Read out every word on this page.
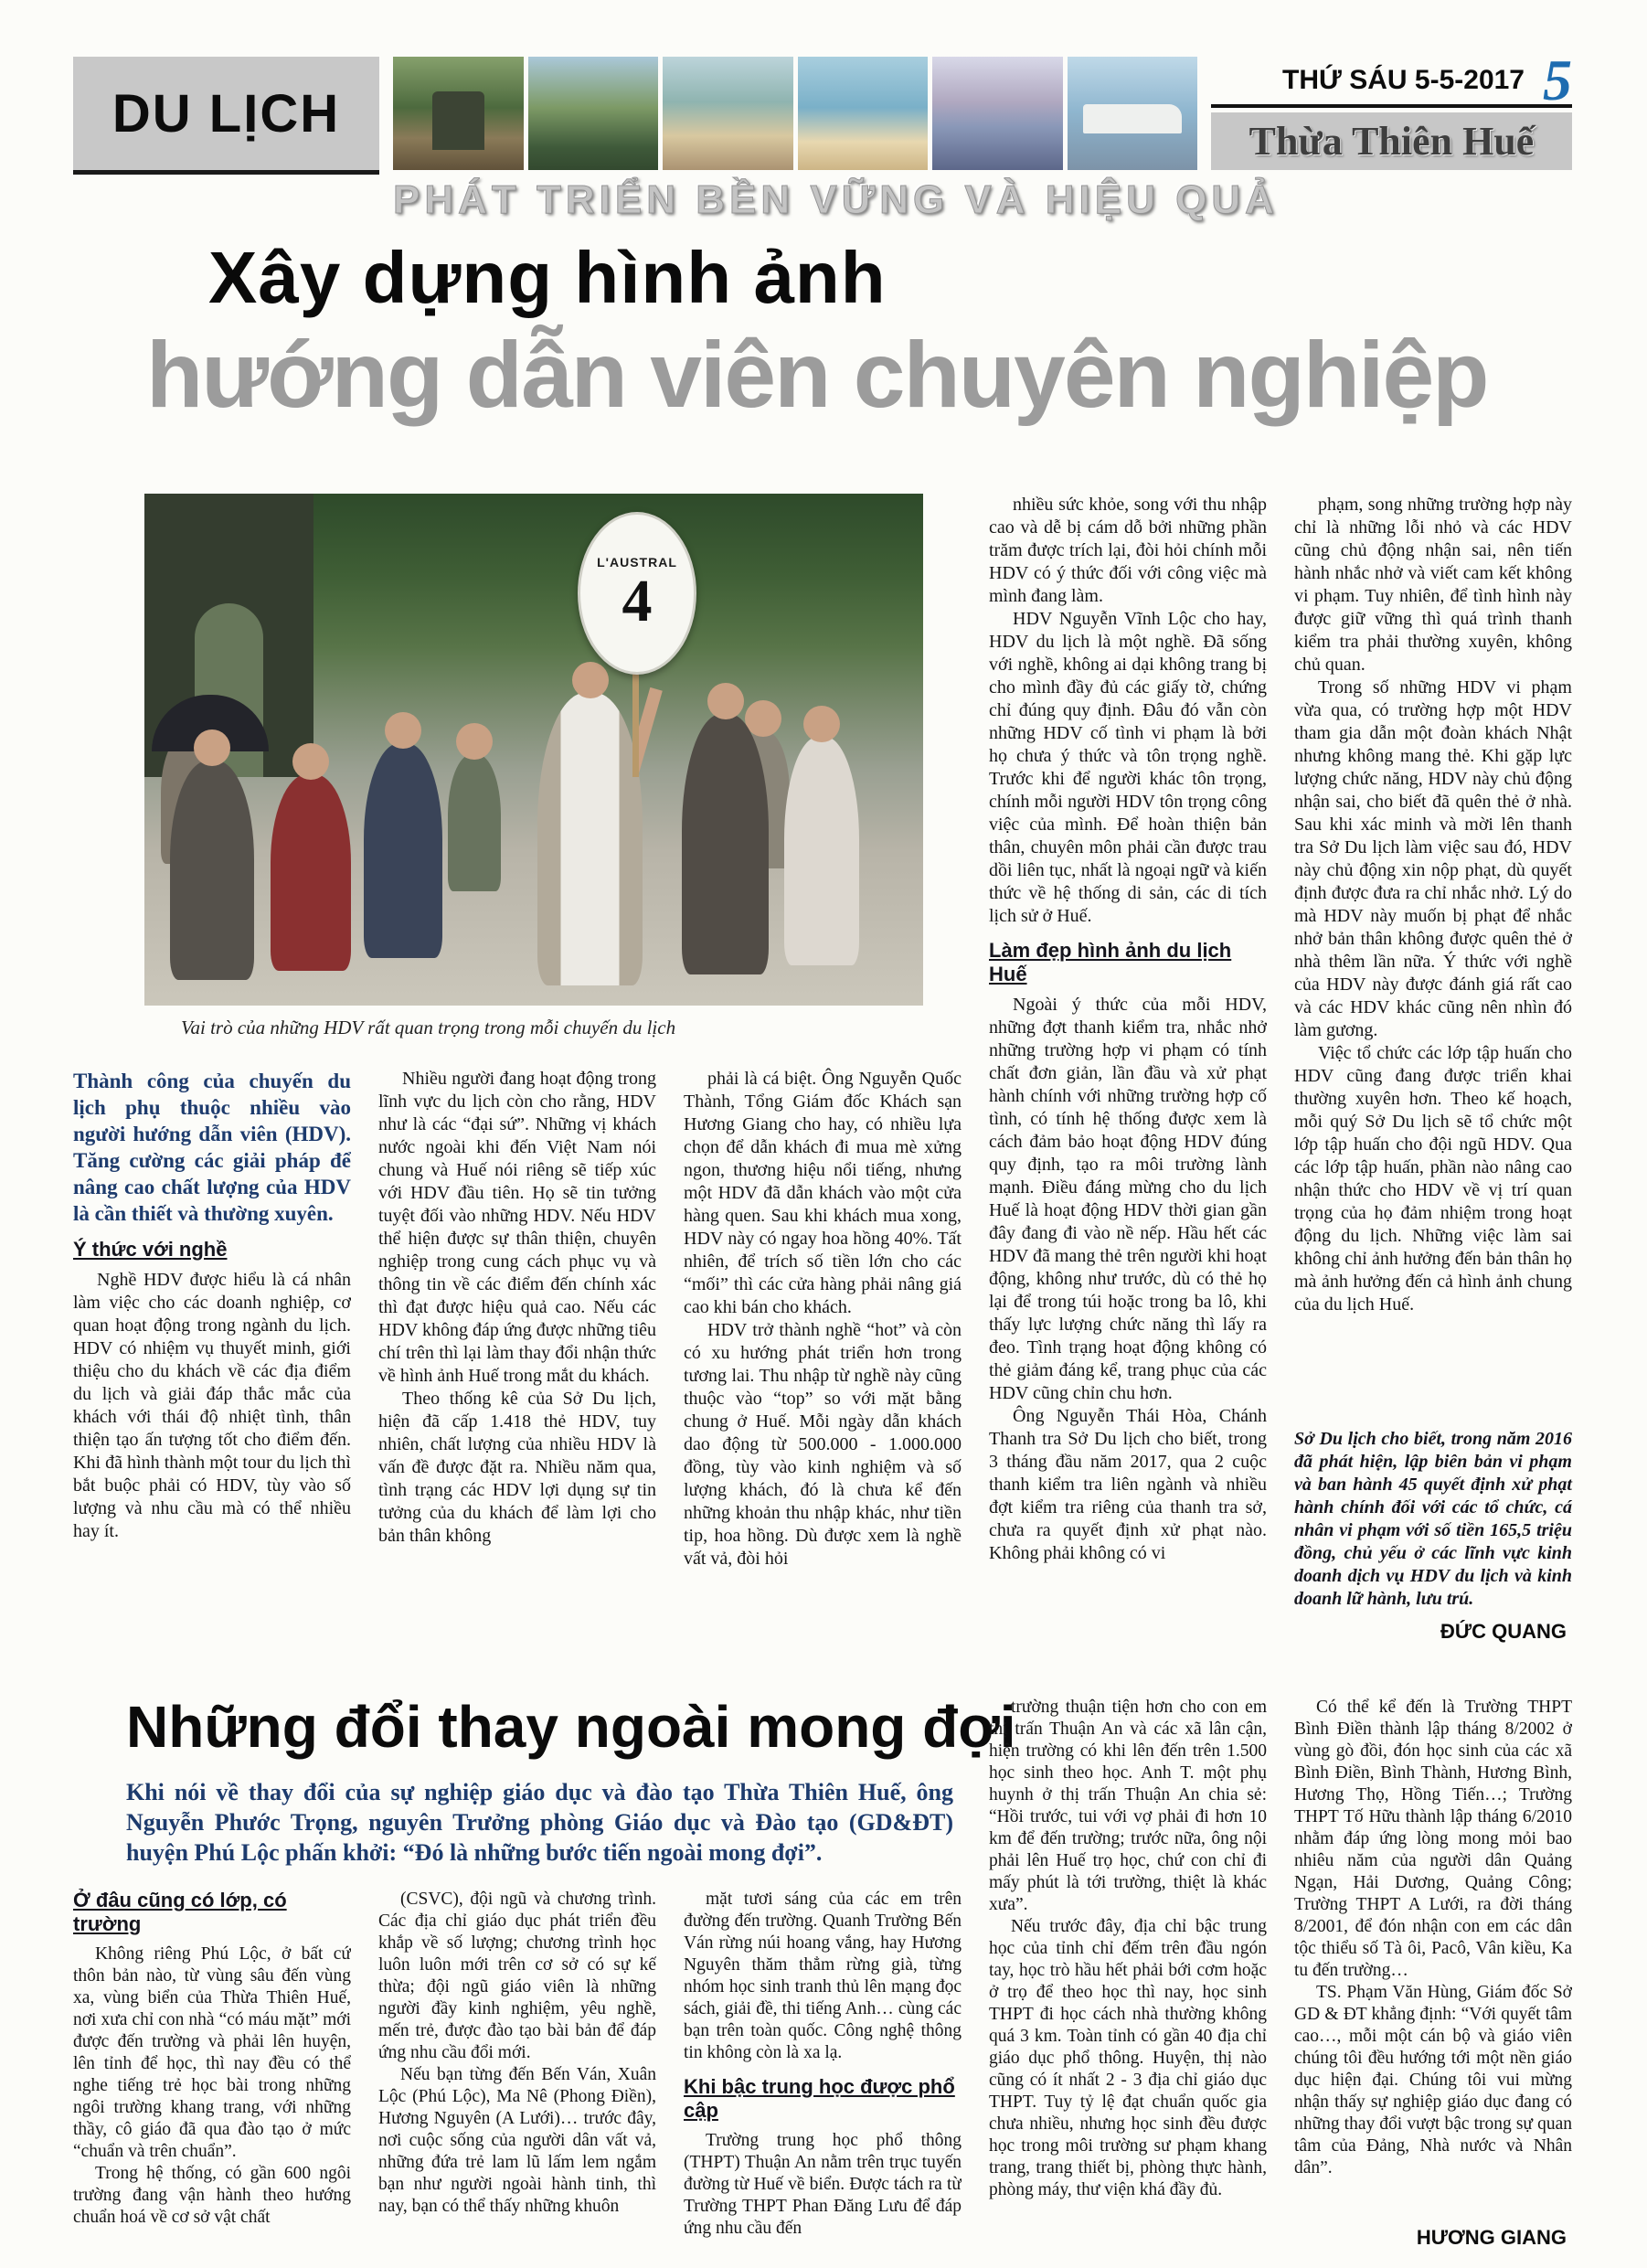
DU LỊCH
THỨ SÁU 5-5-2017 5
Thừa Thiên Huế
PHÁT TRIỂN BỀN VỮNG VÀ HIỆU QUẢ
Xây dựng hình ảnh
hướng dẫn viên chuyên nghiệp
L'AUSTRAL
4
Vai trò của những HDV rất quan trọng trong mỗi chuyến du lịch

Thành công của chuyến du lịch phụ thuộc nhiều vào người hướng dẫn viên (HDV). Tăng cường các giải pháp để nâng cao chất lượng của HDV là cần thiết và thường xuyên.

Ý thức với nghề

Nghề HDV được hiểu là cá nhân làm việc cho các doanh nghiệp, cơ quan hoạt động trong ngành du lịch. HDV có nhiệm vụ thuyết minh, giới thiệu cho du khách về các địa điểm du lịch và giải đáp thắc mắc của khách với thái độ nhiệt tình, thân thiện tạo ấn tượng tốt cho điểm đến. Khi đã hình thành một tour du lịch thì bắt buộc phải có HDV, tùy vào số lượng và nhu cầu mà có thể nhiều hay ít.

Nhiều người đang hoạt động trong lĩnh vực du lịch còn cho rằng, HDV như là các “đại sứ”. Những vị khách nước ngoài khi đến Việt Nam nói chung và Huế nói riêng sẽ tiếp xúc với HDV đầu tiên. Họ sẽ tin tưởng tuyệt đối vào những HDV. Nếu HDV thể hiện được sự thân thiện, chuyên nghiệp trong cung cách phục vụ và thông tin về các điểm đến chính xác thì đạt được hiệu quả cao. Nếu các HDV không đáp ứng được những tiêu chí trên thì lại làm thay đổi nhận thức về hình ảnh Huế trong mắt du khách.

Theo thống kê của Sở Du lịch, hiện đã cấp 1.418 thẻ HDV, tuy nhiên, chất lượng của nhiều HDV là vấn đề được đặt ra. Nhiều năm qua, tình trạng các HDV lợi dụng sự tin tưởng của du khách để làm lợi cho bản thân không

phải là cá biệt. Ông Nguyễn Quốc Thành, Tổng Giám đốc Khách sạn Hương Giang cho hay, có nhiều lựa chọn để dẫn khách đi mua mè xửng ngon, thương hiệu nổi tiếng, nhưng một HDV đã dẫn khách vào một cửa hàng quen. Sau khi khách mua xong, HDV này có ngay hoa hồng 40%. Tất nhiên, để trích số tiền lớn cho các “mối” thì các cửa hàng phải nâng giá cao khi bán cho khách.

HDV trở thành nghề “hot” và còn có xu hướng phát triển hơn trong tương lai. Thu nhập từ nghề này cũng thuộc vào “top” so với mặt bằng chung ở Huế. Mỗi ngày dẫn khách dao động từ 500.000 - 1.000.000 đồng, tùy vào kinh nghiệm và số lượng khách, đó là chưa kể đến những khoản thu nhập khác, như tiền tip, hoa hồng. Dù được xem là nghề vất vả, đòi hỏi

nhiều sức khỏe, song với thu nhập cao và dễ bị cám dỗ bởi những phần trăm được trích lại, đòi hỏi chính mỗi HDV có ý thức đối với công việc mà mình đang làm.

HDV Nguyễn Vĩnh Lộc cho hay, HDV du lịch là một nghề. Đã sống với nghề, không ai dại không trang bị cho mình đầy đủ các giấy tờ, chứng chỉ đúng quy định. Đâu đó vẫn còn những HDV cố tình vi phạm là bởi họ chưa ý thức và tôn trọng nghề. Trước khi để người khác tôn trọng, chính mỗi người HDV tôn trọng công việc của mình. Để hoàn thiện bản thân, chuyên môn phải cần được trau dồi liên tục, nhất là ngoại ngữ và kiến thức về hệ thống di sản, các di tích lịch sử ở Huế.

Làm đẹp hình ảnh du lịch Huế

Ngoài ý thức của mỗi HDV, những đợt thanh kiểm tra, nhắc nhở những trường hợp vi phạm có tính chất đơn giản, lần đầu và xử phạt hành chính với những trường hợp cố tình, có tính hệ thống được xem là cách đảm bảo hoạt động HDV đúng quy định, tạo ra môi trường lành mạnh. Điều đáng mừng cho du lịch Huế là hoạt động HDV thời gian gần đây đang đi vào nề nếp. Hầu hết các HDV đã mang thẻ trên người khi hoạt động, không như trước, dù có thẻ họ lại để trong túi hoặc trong ba lô, khi thấy lực lượng chức năng thì lấy ra đeo. Tình trạng hoạt động không có thẻ giảm đáng kể, trang phục của các HDV cũng chỉn chu hơn.

Ông Nguyễn Thái Hòa, Chánh Thanh tra Sở Du lịch cho biết, trong 3 tháng đầu năm 2017, qua 2 cuộc thanh kiểm tra liên ngành và nhiều đợt kiểm tra riêng của thanh tra sở, chưa ra quyết định xử phạt nào. Không phải không có vi

phạm, song những trường hợp này chỉ là những lỗi nhỏ và các HDV cũng chủ động nhận sai, nên tiến hành nhắc nhở và viết cam kết không vi phạm. Tuy nhiên, để tình hình này được giữ vững thì quá trình thanh kiểm tra phải thường xuyên, không chủ quan.

Trong số những HDV vi phạm vừa qua, có trường hợp một HDV tham gia dẫn một đoàn khách Nhật nhưng không mang thẻ. Khi gặp lực lượng chức năng, HDV này chủ động nhận sai, cho biết đã quên thẻ ở nhà. Sau khi xác minh và mời lên thanh tra Sở Du lịch làm việc sau đó, HDV này chủ động xin nộp phạt, dù quyết định được đưa ra chỉ nhắc nhở. Lý do mà HDV này muốn bị phạt để nhắc nhở bản thân không được quên thẻ ở nhà thêm lần nữa. Ý thức với nghề của HDV này được đánh giá rất cao và các HDV khác cũng nên nhìn đó làm gương.

Việc tổ chức các lớp tập huấn cho HDV cũng đang được triển khai thường xuyên hơn. Theo kế hoạch, mỗi quý Sở Du lịch sẽ tổ chức một lớp tập huấn cho đội ngũ HDV. Qua các lớp tập huấn, phần nào nâng cao nhận thức cho HDV về vị trí quan trọng của họ đảm nhiệm trong hoạt động du lịch. Những việc làm sai không chỉ ảnh hưởng đến bản thân họ mà ảnh hưởng đến cả hình ảnh chung của du lịch Huế.

Sở Du lịch cho biết, trong năm 2016 đã phát hiện, lập biên bản vi phạm và ban hành 45 quyết định xử phạt hành chính đối với các tổ chức, cá nhân vi phạm với số tiền 165,5 triệu đồng, chủ yếu ở các lĩnh vực kinh doanh dịch vụ HDV du lịch và kinh doanh lữ hành, lưu trú.

ĐỨC QUANG

Những đổi thay ngoài mong đợi
Khi nói về thay đổi của sự nghiệp giáo dục và đào tạo Thừa Thiên Huế, ông Nguyễn Phước Trọng, nguyên Trưởng phòng Giáo dục và Đào tạo (GD&ĐT) huyện Phú Lộc phấn khởi: “Đó là những bước tiến ngoài mong đợi”.
Ở đâu cũng có lớp, có trường

Không riêng Phú Lộc, ở bất cứ thôn bản nào, từ vùng sâu đến vùng xa, vùng biển của Thừa Thiên Huế, nơi xưa chỉ con nhà “có máu mặt” mới được đến trường và phải lên huyện, lên tỉnh để học, thì nay đều có thể nghe tiếng trẻ học bài trong những ngôi trường khang trang, với những thầy, cô giáo đã qua đào tạo ở mức “chuẩn và trên chuẩn”.

Trong hệ thống, có gần 600 ngôi trường đang vận hành theo hướng chuẩn hoá về cơ sở vật chất

(CSVC), đội ngũ và chương trình. Các địa chỉ giáo dục phát triển đều khắp về số lượng; chương trình học luôn luôn mới trên cơ sở có sự kế thừa; đội ngũ giáo viên là những người đầy kinh nghiệm, yêu nghề, mến trẻ, được đào tạo bài bản để đáp ứng nhu cầu đổi mới.

Nếu bạn từng đến Bến Ván, Xuân Lộc (Phú Lộc), Ma Nê (Phong Điền), Hương Nguyên (A Lưới)… trước đây, nơi cuộc sống của người dân vất vả, những đứa trẻ lam lũ lấm lem ngắm bạn như người ngoài hành tinh, thì nay, bạn có thể thấy những khuôn

mặt tươi sáng của các em trên đường đến trường. Quanh Trường Bến Ván rừng núi hoang vắng, hay Hương Nguyên thăm thẳm rừng già, từng nhóm học sinh tranh thủ lên mạng đọc sách, giải đề, thi tiếng Anh… cùng các bạn trên toàn quốc. Công nghệ thông tin không còn là xa lạ.

Khi bậc trung học được phổ cập

Trường trung học phổ thông (THPT) Thuận An nằm trên trục tuyến đường từ Huế về biển. Được tách ra từ Trường THPT Phan Đăng Lưu để đáp ứng nhu cầu đến

trường thuận tiện hơn cho con em thị trấn Thuận An và các xã lân cận, hiện trường có khi lên đến trên 1.500 học sinh theo học. Anh T. một phụ huynh ở thị trấn Thuận An chia sẻ: “Hồi trước, tui với vợ phải đi hơn 10 km để đến trường; trước nữa, ông nội phải lên Huế trọ học, chứ con chỉ đi mấy phút là tới trường, thiệt là khác xưa”.

Nếu trước đây, địa chỉ bậc trung học của tỉnh chỉ đếm trên đầu ngón tay, học trò hầu hết phải bới cơm hoặc ở trọ để theo học thì nay, học sinh THPT đi học cách nhà thường không quá 3 km. Toàn tỉnh có gần 40 địa chỉ giáo dục phổ thông. Huyện, thị nào cũng có ít nhất 2 - 3 địa chỉ giáo dục THPT. Tuy tỷ lệ đạt chuẩn quốc gia chưa nhiều, nhưng học sinh đều được học trong môi trường sư phạm khang trang, trang thiết bị, phòng thực hành, phòng máy, thư viện khá đầy đủ.

Có thể kể đến là Trường THPT Bình Điền thành lập tháng 8/2002 ở vùng gò đồi, đón học sinh của các xã Bình Điền, Bình Thành, Hương Bình, Hương Thọ, Hồng Tiến…; Trường THPT Tố Hữu thành lập tháng 6/2010 nhằm đáp ứng lòng mong mỏi bao nhiêu năm của người dân Quảng Ngạn, Hải Dương, Quảng Công; Trường THPT A Lưới, ra đời tháng 8/2001, để đón nhận con em các dân tộc thiểu số Tà ôi, Pacô, Vân kiều, Ka tu đến trường…

TS. Phạm Văn Hùng, Giám đốc Sở GD & ĐT khẳng định: “Với quyết tâm cao…, mỗi một cán bộ và giáo viên chúng tôi đều hướng tới một nền giáo dục hiện đại. Chúng tôi vui mừng nhận thấy sự nghiệp giáo dục đang có những thay đổi vượt bậc trong sự quan tâm của Đảng, Nhà nước và Nhân dân”.

HƯƠNG GIANG
